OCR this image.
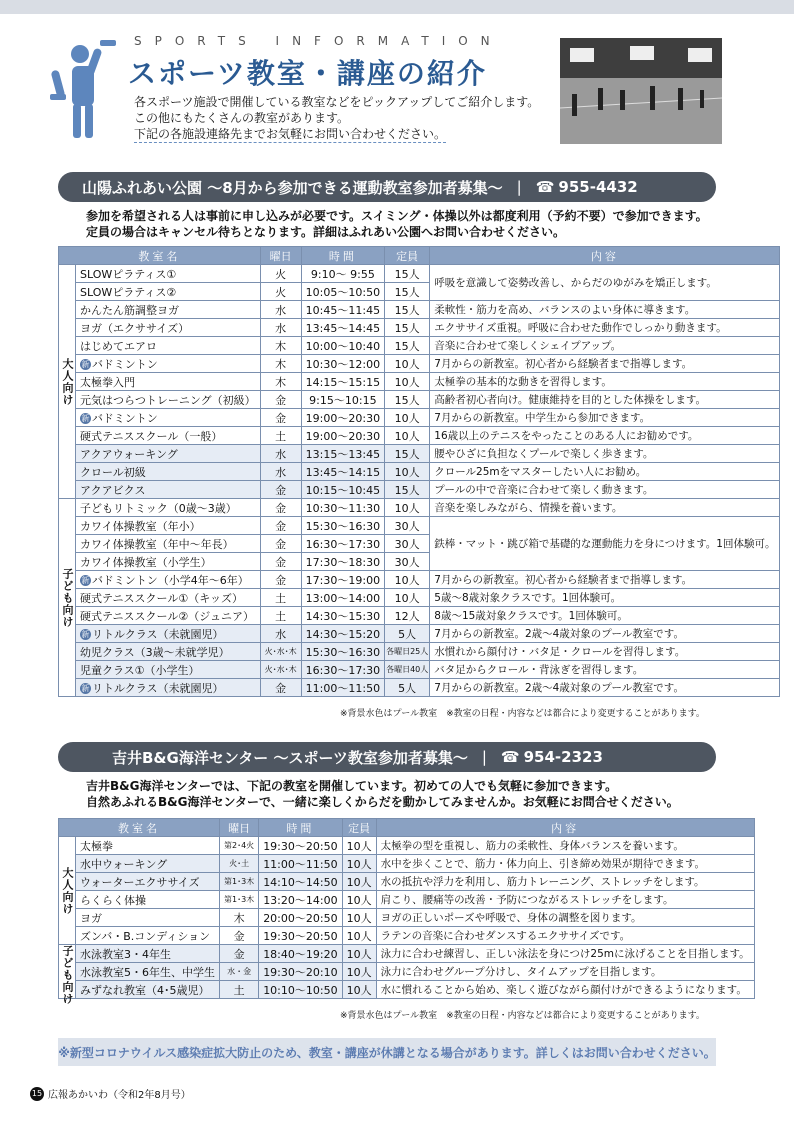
SPORTS INFORMATION
スポーツ教室・講座の紹介
各スポーツ施設で開催している教室などをピックアップしてご紹介します。
この他にもたくさんの教室があります。
下記の各施設連絡先までお気軽にお問い合わせください。
山陽ふれあい公園 ～8月から参加できる運動教室参加者募集～ | ☎ 955-4432
参加を希望される人は事前に申し込みが必要です。スイミング・体操以外は都度利用（予約不要）で参加できます。
定員の場合はキャンセル待ちとなります。詳細はふれあい公園へお問い合わせください。
教室名		曜日	時間	定員	内容
大人向け	SLOWピラティス①	火	9:10～ 9:55	15人	呼吸を意識して姿勢改善し、からだのゆがみを矯正します。
	SLOWピラティス②	火	10:05～10:50	15人	
	かんたん筋調整ヨガ	水	10:45～11:45	15人	柔軟性・筋力を高め、バランスのよい身体に導きます。
	ヨガ（エクササイズ）	水	13:45～14:45	15人	エクササイズ重視。呼吸に合わせた動作でしっかり動きます。
	はじめてエアロ	木	10:00～10:40	15人	音楽に合わせて楽しくシェイプアップ。
	新 バドミントン	木	10:30～12:00	10人	7月からの新教室。初心者から経験者まで指導します。
	太極拳入門	木	14:15～15:15	10人	太極拳の基本的な動きを習得します。
	元気はつらつトレーニング（初級）	金	9:15～10:15	15人	高齢者初心者向け。健康維持を目的とした体操をします。
	新 バドミントン	金	19:00～20:30	10人	7月からの新教室。中学生から参加できます。
	硬式テニススクール（一般）	土	19:00～20:30	10人	16歳以上のテニスをやったことのある人にお勧めです。
	アクアウォーキング	水	13:15～13:45	15人	腰やひざに負担なくプールで楽しく歩きます。
	クロール初級	水	13:45～14:15	10人	クロール25mをマスターしたい人にお勧め。
	アクアビクス	金	10:15～10:45	15人	プールの中で音楽に合わせて楽しく動きます。
子ども向け	子どもリトミック（0歳～3歳）	金	10:30～11:30	10人	音楽を楽しみながら、情操を養います。
	カワイ体操教室（年小）	金	15:30～16:30	30人	鉄棒・マット・跳び箱で基礎的な運動能力を身につけます。1回体験可。
	カワイ体操教室（年中～年長）	金	16:30～17:30	30人	
	カワイ体操教室（小学生）	金	17:30～18:30	30人	
	新 バドミントン（小学4年～6年）	金	17:30～19:00	10人	7月からの新教室。初心者から経験者まで指導します。
	硬式テニススクール①（キッズ）	土	13:00～14:00	10人	5歳～8歳対象クラスです。1回体験可。
	硬式テニススクール②（ジュニア）	土	14:30～15:30	12人	8歳～15歳対象クラスです。1回体験可。
	新 リトルクラス（未就園児）	水	14:30～15:20	5人	7月からの新教室。2歳～4歳対象のプール教室です。
	幼児クラス（3歳～未就学児）	火･水･木	15:30～16:30	各曜日25人	水慣れから顔付け・バタ足・クロールを習得します。
	児童クラス①（小学生）	火･水･木	16:30～17:30	各曜日40人	バタ足からクロール・背泳ぎを習得します。
	新 リトルクラス（未就園児）	金	11:00～11:50	5人	7月からの新教室。2歳～4歳対象のプール教室です。
※背景水色はプール教室　※教室の日程・内容などは都合により変更することがあります。
吉井B&G海洋センター ～スポーツ教室参加者募集～ | ☎ 954-2323
吉井B&G海洋センターでは、下記の教室を開催しています。初めての人でも気軽に参加できます。
自然あふれるB&G海洋センターで、一緒に楽しくからだを動かしてみませんか。お気軽にお問合せください。
教室名		曜日	時間	定員	内容
大人向け	太極拳	第2･4火	19:30～20:50	10人	太極拳の型を重視し、筋力の柔軟性、身体バランスを養います。
	水中ウォーキング	火･土	11:00～11:50	10人	水中を歩くことで、筋力・体力向上、引き締め効果が期待できます。
	ウォーターエクササイズ	第1･3木	14:10～14:50	10人	水の抵抗や浮力を利用し、筋力トレーニング、ストレッチをします。
	らくらく体操	第1･3木	13:20～14:00	10人	肩こり、腰痛等の改善・予防につながるストレッチをします。
	ヨガ	木	20:00～20:50	10人	ヨガの正しいポーズや呼吸で、身体の調整を図ります。
	ズンバ・B.コンディション	金	19:30～20:50	10人	ラテンの音楽に合わせダンスするエクササイズです。
子ども向け	水泳教室3・4年生	金	18:40～19:20	10人	泳力に合わせ練習し、正しい泳法を身につけ25mに泳げることを目指します。
	水泳教室5・6年生、中学生	水・金	19:30～20:10	10人	泳力に合わせグループ分けし、タイムアップを目指します。
	みずなれ教室（4･5歳児）	土	10:10～10:50	10人	水に慣れることから始め、楽しく遊びながら顔付けができるようになります。
※背景水色はプール教室　※教室の日程・内容などは都合により変更することがあります。
※新型コロナウイルス感染症拡大防止のため、教室・講座が休講となる場合があります。詳しくはお問い合わせください。
15 広報あかいわ（令和2年8月号）
